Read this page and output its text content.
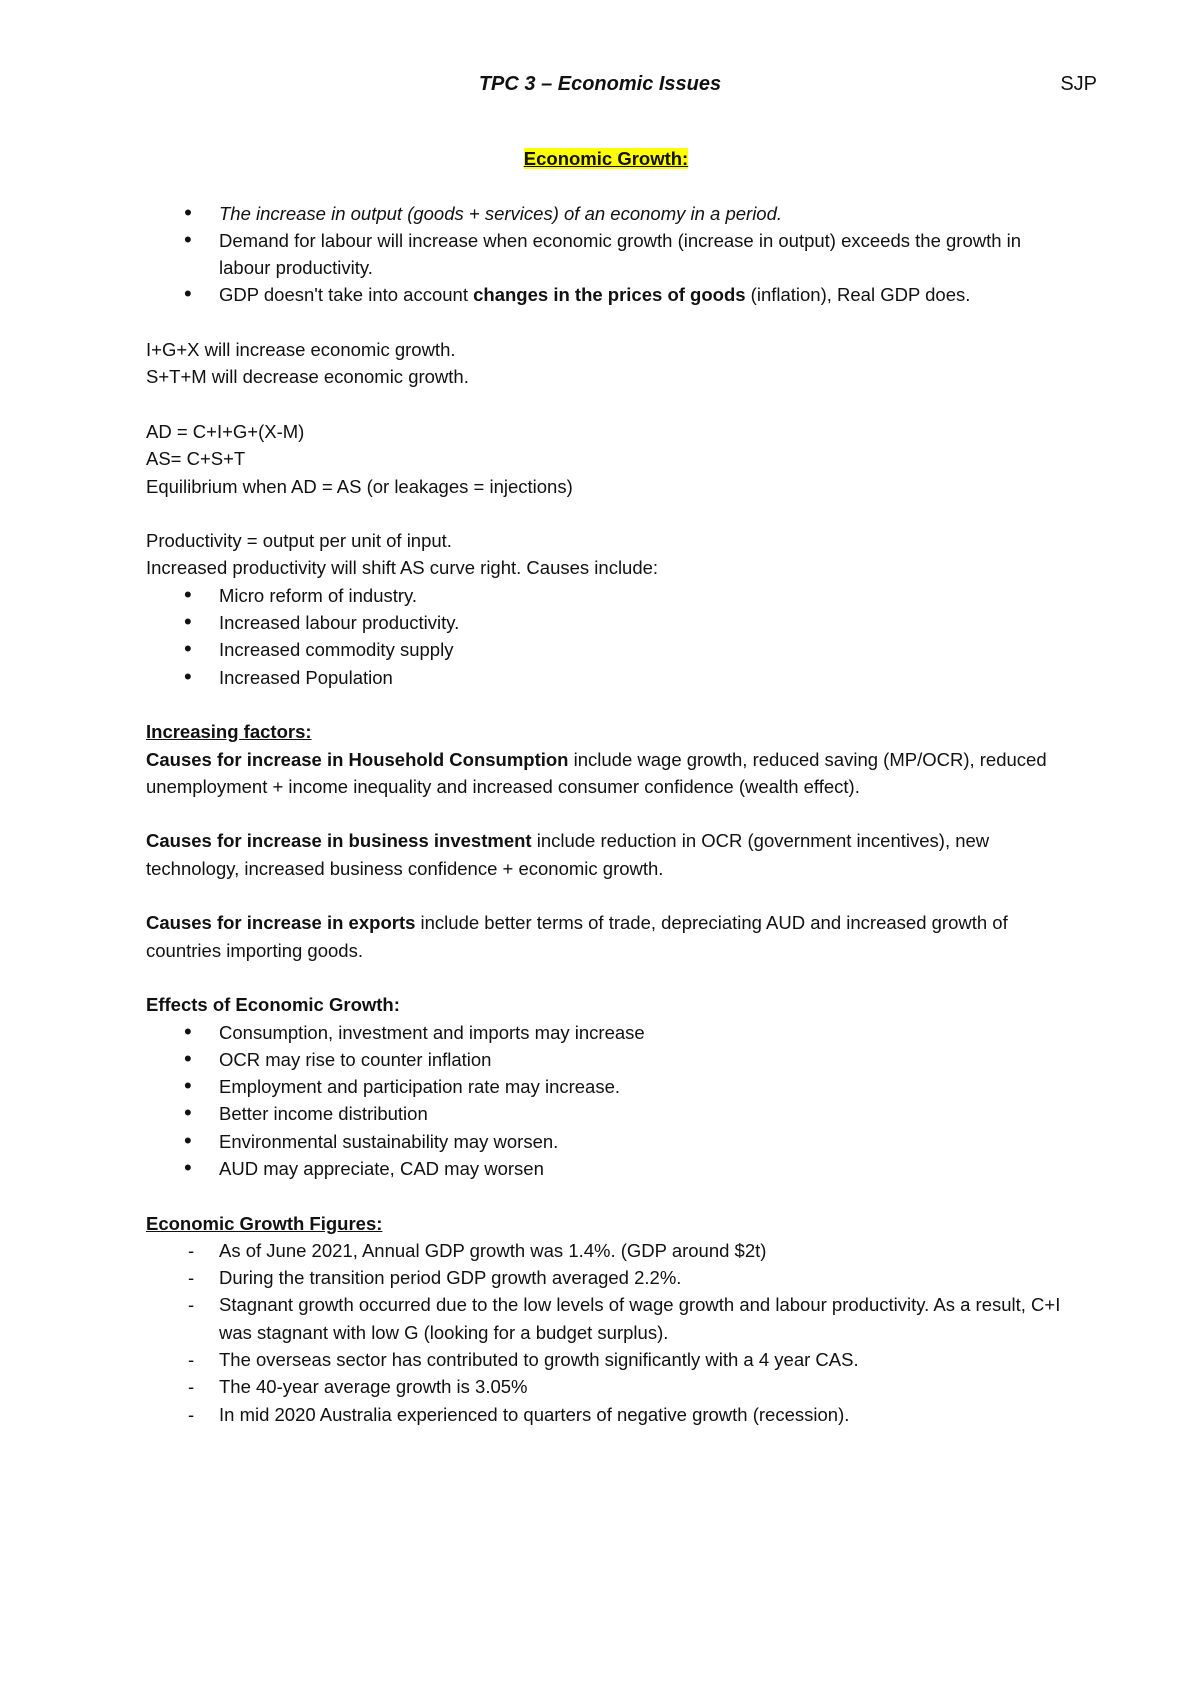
TPC 3 – Economic Issues	SJP

Economic Growth:

• The increase in output (goods + services) of an economy in a period.
• Demand for labour will increase when economic growth (increase in output) exceeds the growth in labour productivity.
• GDP doesn't take into account changes in the prices of goods (inflation), Real GDP does.

I+G+X will increase economic growth.

S+T+M will decrease economic growth.

AD = C+I+G+(X-M)

AS= C+S+T

Equilibrium when AD = AS (or leakages = injections)

Productivity = output per unit of input.

Increased productivity will shift AS curve right. Causes include:

• Micro reform of industry.
• Increased labour productivity.
• Increased commodity supply
• Increased Population

Increasing factors:

Causes for increase in Household Consumption include wage growth, reduced saving (MP/OCR), reduced unemployment + income inequality and increased consumer confidence (wealth effect).

Causes for increase in business investment include reduction in OCR (government incentives), new technology, increased business confidence + economic growth.

Causes for increase in exports include better terms of trade, depreciating AUD and increased growth of countries importing goods.

Effects of Economic Growth:

• Consumption, investment and imports may increase
• OCR may rise to counter inflation
• Employment and participation rate may increase.
• Better income distribution
• Environmental sustainability may worsen.
• AUD may appreciate, CAD may worsen

Economic Growth Figures:

- As of June 2021, Annual GDP growth was 1.4%. (GDP around $2t)
- During the transition period GDP growth averaged 2.2%.
- Stagnant growth occurred due to the low levels of wage growth and labour productivity. As a result, C+I was stagnant with low G (looking for a budget surplus).
- The overseas sector has contributed to growth significantly with a 4 year CAS.
- The 40-year average growth is 3.05%
- In mid 2020 Australia experienced to quarters of negative growth (recession).
